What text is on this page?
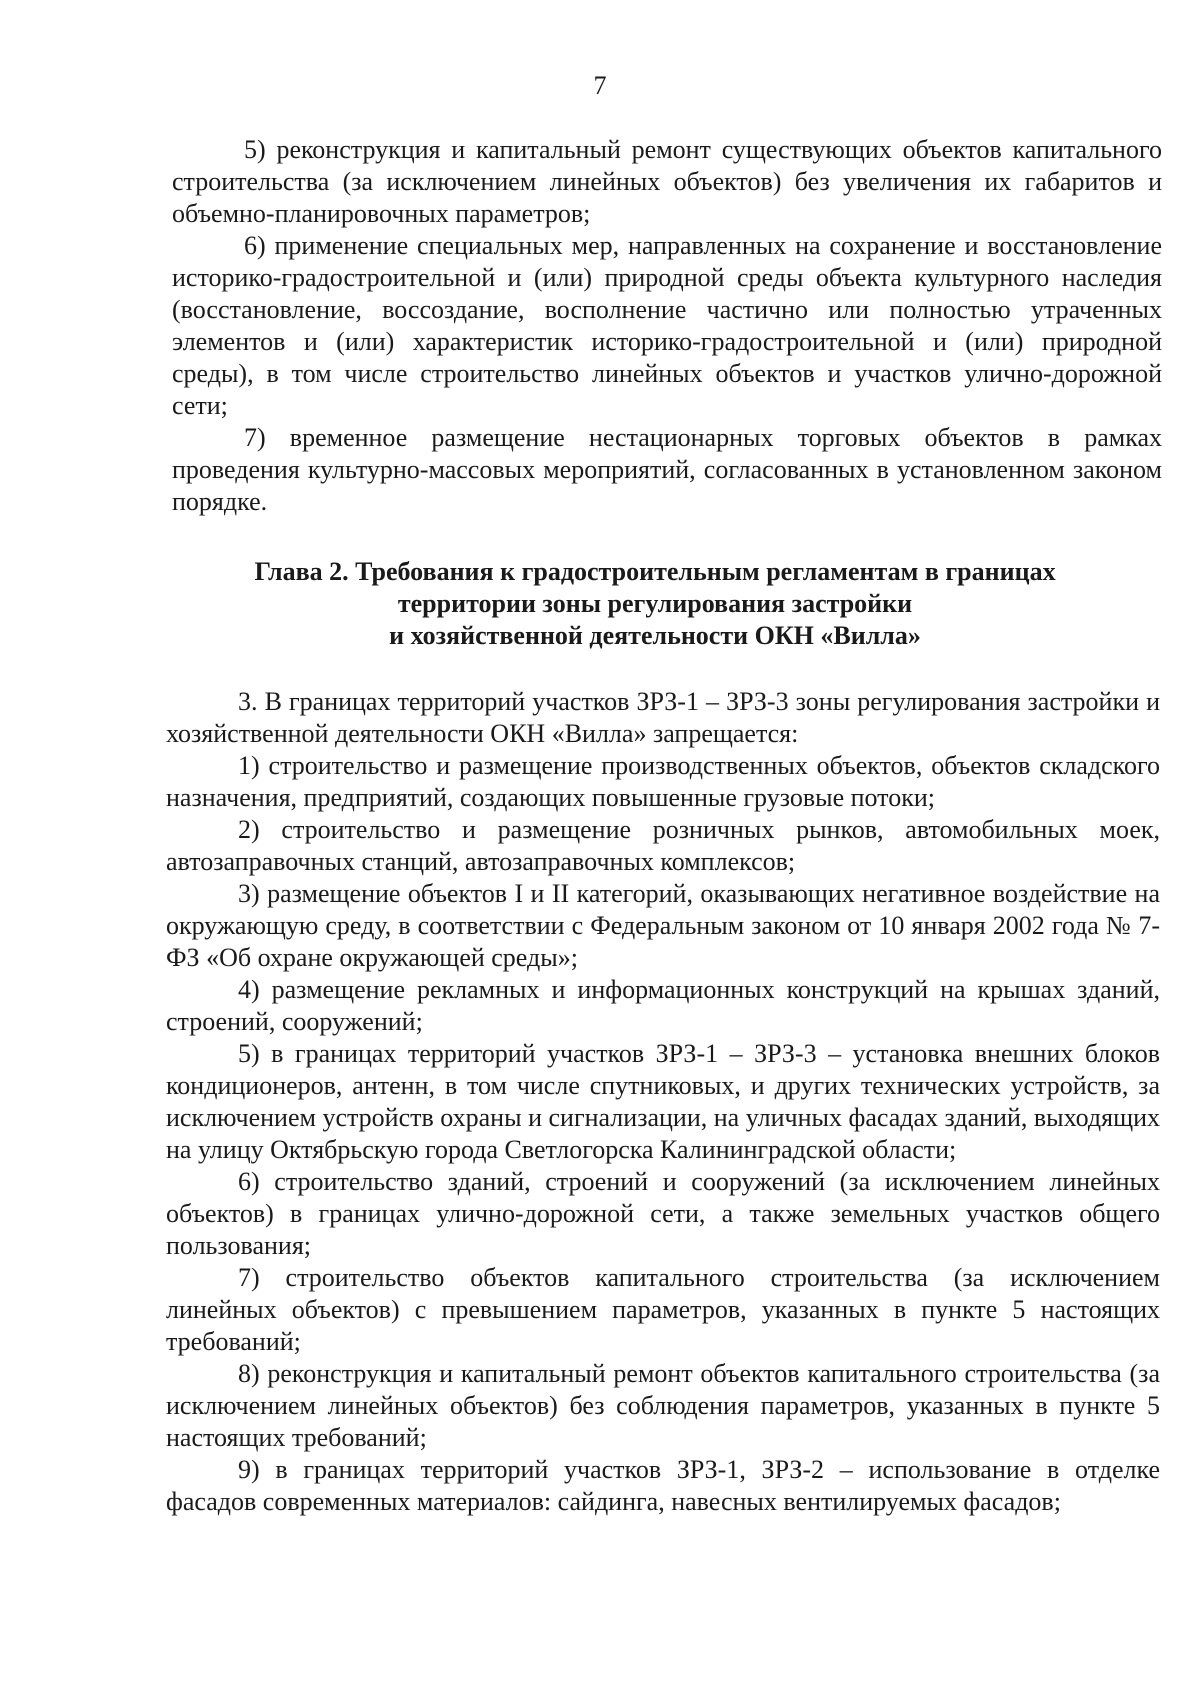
7

5) реконструкция и капитальный ремонт существующих объектов капитального строительства (за исключением линейных объектов) без увеличения их габаритов и объемно-планировочных параметров;

6) применение специальных мер, направленных на сохранение и восстановление историко-градостроительной и (или) природной среды объекта культурного наследия (восстановление, воссоздание, восполнение частично или полностью утраченных элементов и (или) характеристик историко-градостроительной и (или) природной среды), в том числе строительство линейных объектов и участков улично-дорожной сети;

7) временное размещение нестационарных торговых объектов в рамках проведения культурно-массовых мероприятий, согласованных в установленном законом порядке.

Глава 2. Требования к градостроительным регламентам в границах
территории зоны регулирования застройки
и хозяйственной деятельности ОКН «Вилла»

3. В границах территорий участков ЗРЗ-1 – ЗРЗ-3 зоны регулирования застройки и хозяйственной деятельности ОКН «Вилла» запрещается:

1) строительство и размещение производственных объектов, объектов складского назначения, предприятий, создающих повышенные грузовые потоки;

2) строительство и размещение розничных рынков, автомобильных моек, автозаправочных станций, автозаправочных комплексов;

3) размещение объектов I и II категорий, оказывающих негативное воздействие на окружающую среду, в соответствии с Федеральным законом от 10 января 2002 года № 7-ФЗ «Об охране окружающей среды»;

4) размещение рекламных и информационных конструкций на крышах зданий, строений, сооружений;

5) в границах территорий участков ЗРЗ-1 – ЗРЗ-3 – установка внешних блоков кондиционеров, антенн, в том числе спутниковых, и других технических устройств, за исключением устройств охраны и сигнализации, на уличных фасадах зданий, выходящих на улицу Октябрьскую города Светлогорска Калининградской области;

6) строительство зданий, строений и сооружений (за исключением линейных объектов) в границах улично-дорожной сети, а также земельных участков общего пользования;

7) строительство объектов капитального строительства (за исключением линейных объектов) с превышением параметров, указанных в пункте 5 настоящих требований;

8) реконструкция и капитальный ремонт объектов капитального строительства (за исключением линейных объектов) без соблюдения параметров, указанных в пункте 5 настоящих требований;

9) в границах территорий участков ЗРЗ-1, ЗРЗ-2 – использование в отделке фасадов современных материалов: сайдинга, навесных вентилируемых фасадов;
